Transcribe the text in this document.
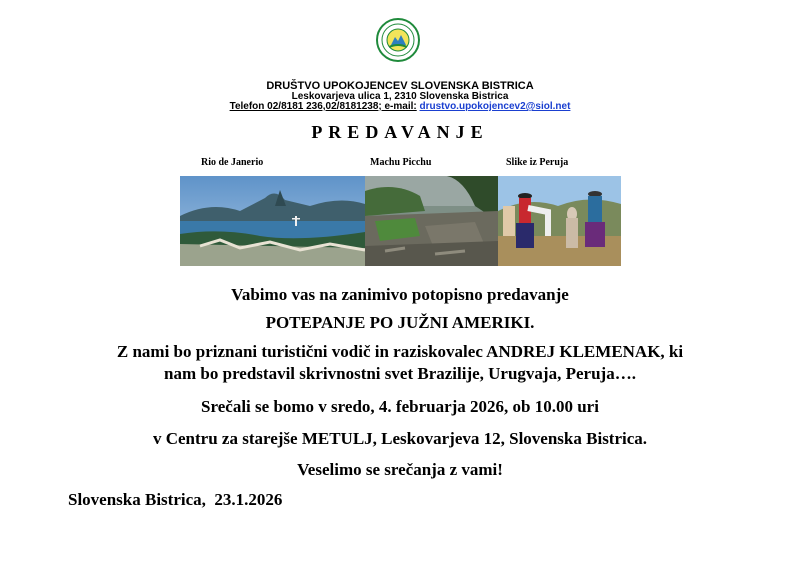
DRUŠTVO UPOKOJENCEV SLOVENSKA BISTRICA
Leskovarjeva ulica 1, 2310 Slovenska Bistrica
Telefon 02/8181 236,02/8181238; e-mail: drustvo.upokojencev2@siol.net
PREDAVANJE
Rio de Janerio	Machu Picchu	Slike iz Peruja
Vabimo vas na zanimivo potopisno predavanje
POTEPANJE PO JUŽNI AMERIKI.
Z nami bo priznani turistični vodič in raziskovalec ANDREJ KLEMENAK, ki
nam bo predstavil skrivnostni svet Brazilije, Urugvaja, Peruja….
Srečali se bomo v sredo, 4. februarja 2026, ob 10.00 uri
v Centru za starejše METULJ, Leskovarjeva 12, Slovenska Bistrica.
Veselimo se srečanja z vami!
Slovenska Bistrica,  23.1.2026
